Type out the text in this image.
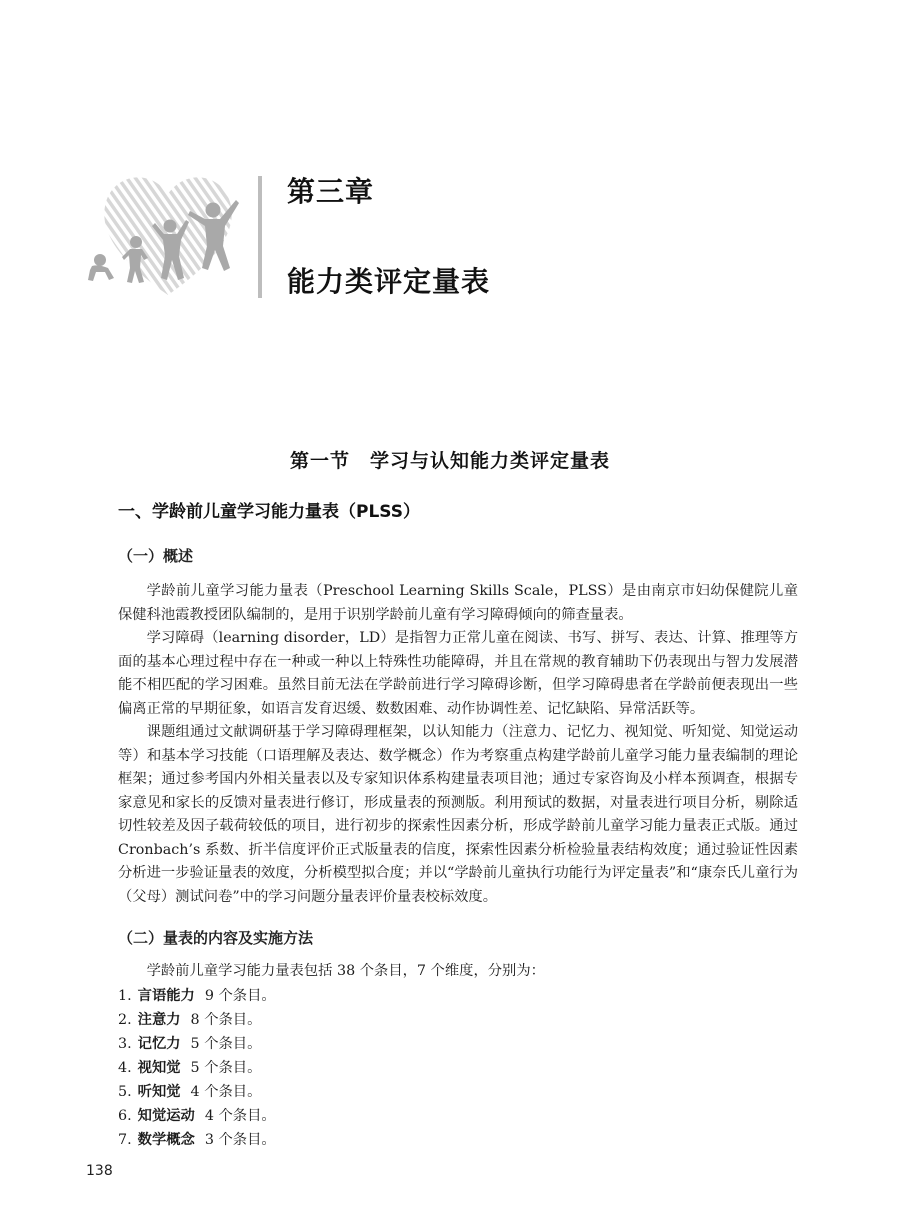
第三章
能力类评定量表
第一节 学习与认知能力类评定量表
一、学龄前儿童学习能力量表（PLSS）
（一）概述

学龄前儿童学习能力量表（Preschool Learning Skills Scale，PLSS）是由南京市妇幼保健院儿童保健科池霞教授团队编制的，是用于识别学龄前儿童有学习障碍倾向的筛查量表。

学习障碍（learning disorder，LD）是指智力正常儿童在阅读、书写、拼写、表达、计算、推理等方面的基本心理过程中存在一种或一种以上特殊性功能障碍，并且在常规的教育辅助下仍表现出与智力发展潜能不相匹配的学习困难。虽然目前无法在学龄前进行学习障碍诊断，但学习障碍患者在学龄前便表现出一些偏离正常的早期征象，如语言发育迟缓、数数困难、动作协调性差、记忆缺陷、异常活跃等。

课题组通过文献调研基于学习障碍理框架，以认知能力（注意力、记忆力、视知觉、听知觉、知觉运动等）和基本学习技能（口语理解及表达、数学概念）作为考察重点构建学龄前儿童学习能力量表编制的理论框架；通过参考国内外相关量表以及专家知识体系构建量表项目池；通过专家咨询及小样本预调查，根据专家意见和家长的反馈对量表进行修订，形成量表的预测版。利用预试的数据，对量表进行项目分析，剔除适切性较差及因子载荷较低的项目，进行初步的探索性因素分析，形成学龄前儿童学习能力量表正式版。通过 Cronbach’s 系数、折半信度评价正式版量表的信度，探索性因素分析检验量表结构效度；通过验证性因素分析进一步验证量表的效度，分析模型拟合度；并以“学龄前儿童执行功能行为评定量表”和“康奈氏儿童行为（父母）测试问卷”中的学习问题分量表评价量表校标效度。

（二）量表的内容及实施方法

学龄前儿童学习能力量表包括 38 个条目，7 个维度，分别为：

1. 言语能力 9 个条目。
2. 注意力 8 个条目。
3. 记忆力 5 个条目。
4. 视知觉 5 个条目。
5. 听知觉 4 个条目。
6. 知觉运动 4 个条目。
7. 数学概念 3 个条目。
138
